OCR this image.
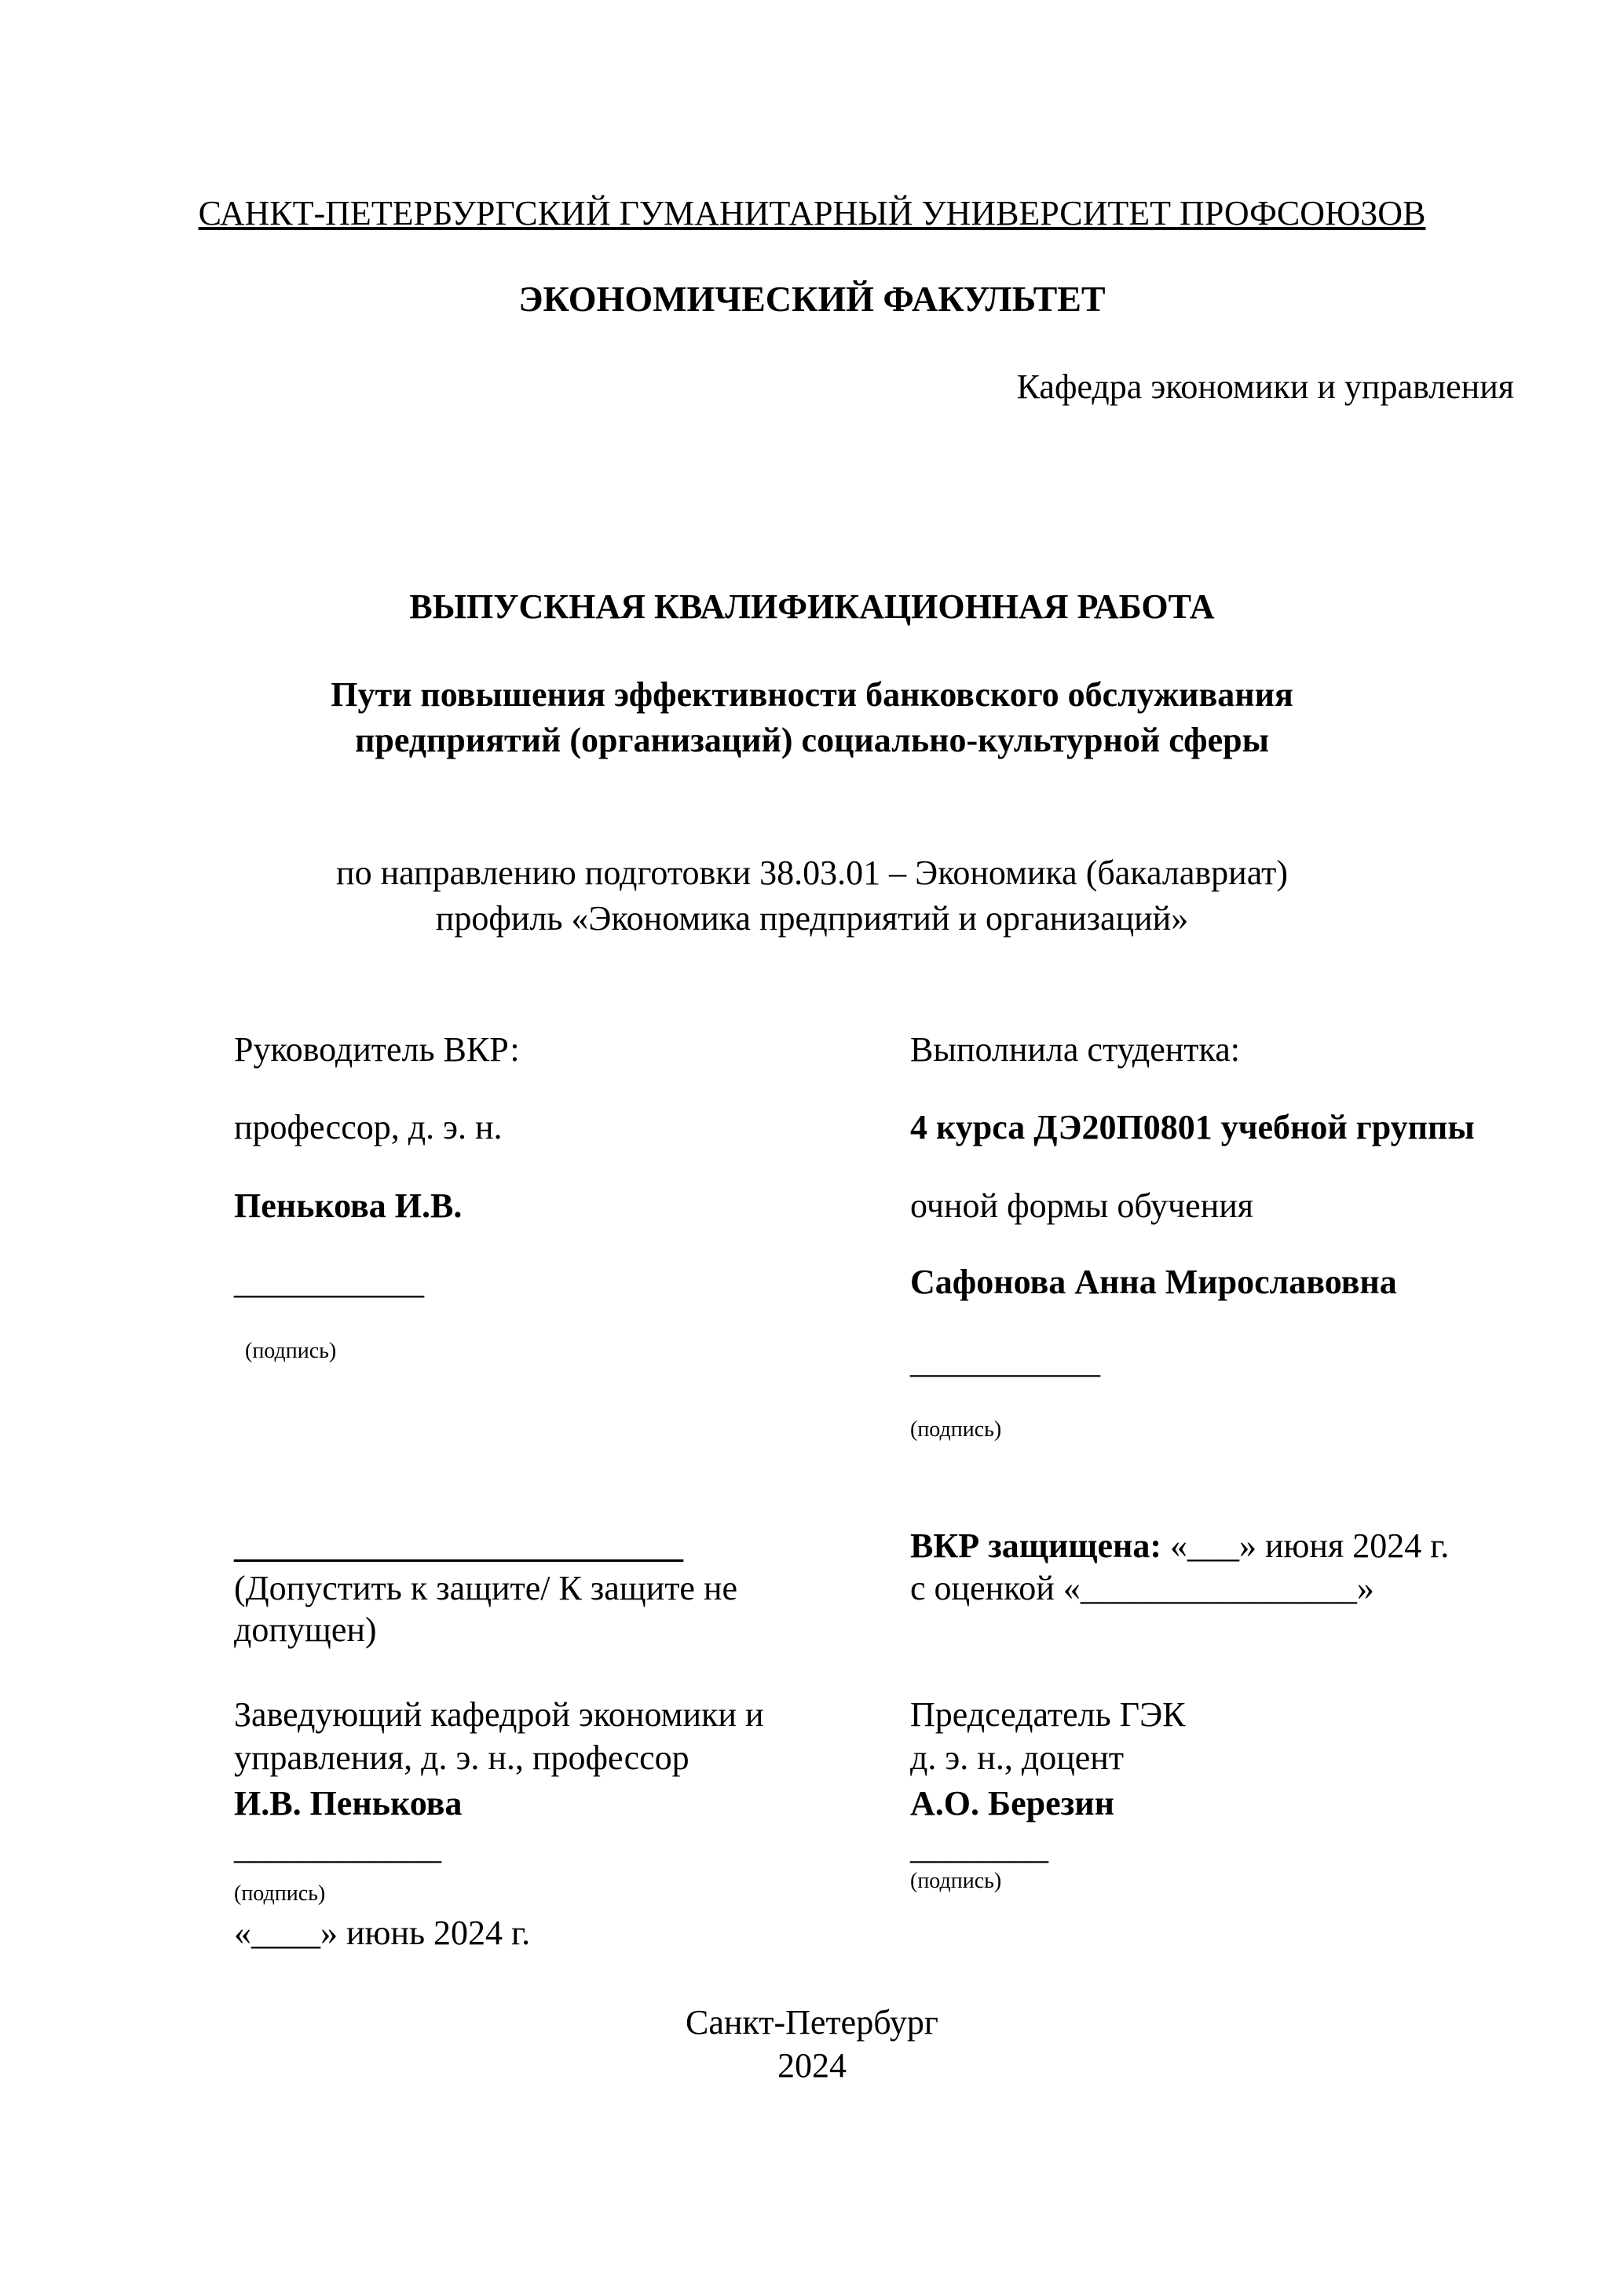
САНКТ-ПЕТЕРБУРГСКИЙ ГУМАНИТАРНЫЙ УНИВЕРСИТЕТ ПРОФСОЮЗОВ
ЭКОНОМИЧЕСКИЙ ФАКУЛЬТЕТ
Кафедра экономики и управления
ВЫПУСКНАЯ КВАЛИФИКАЦИОННАЯ РАБОТА
Пути повышения эффективности банковского обслуживания
предприятий (организаций) социально-культурной сферы
по направлению подготовки 38.03.01 – Экономика (бакалавриат)
профиль «Экономика предприятий и организаций»
Руководитель ВКР:
профессор, д. э. н.
Пенькова И.В.
___________
(подпись)
Выполнила студентка:
4 курса ДЭ20П0801 учебной группы
очной формы обучения
Сафонова Анна Мирославовна
___________
(подпись)
__________________________
(Допустить к защите/ К защите не
допущен)
ВКР защищена: «___» июня 2024 г.
с оценкой «________________»
Заведующий кафедрой экономики и
управления, д. э. н., профессор
И.В. Пенькова
____________
(подпись)
«____» июнь 2024 г.
Председатель ГЭК
д. э. н., доцент
А.О. Березин
________
(подпись)
Санкт-Петербург
2024
